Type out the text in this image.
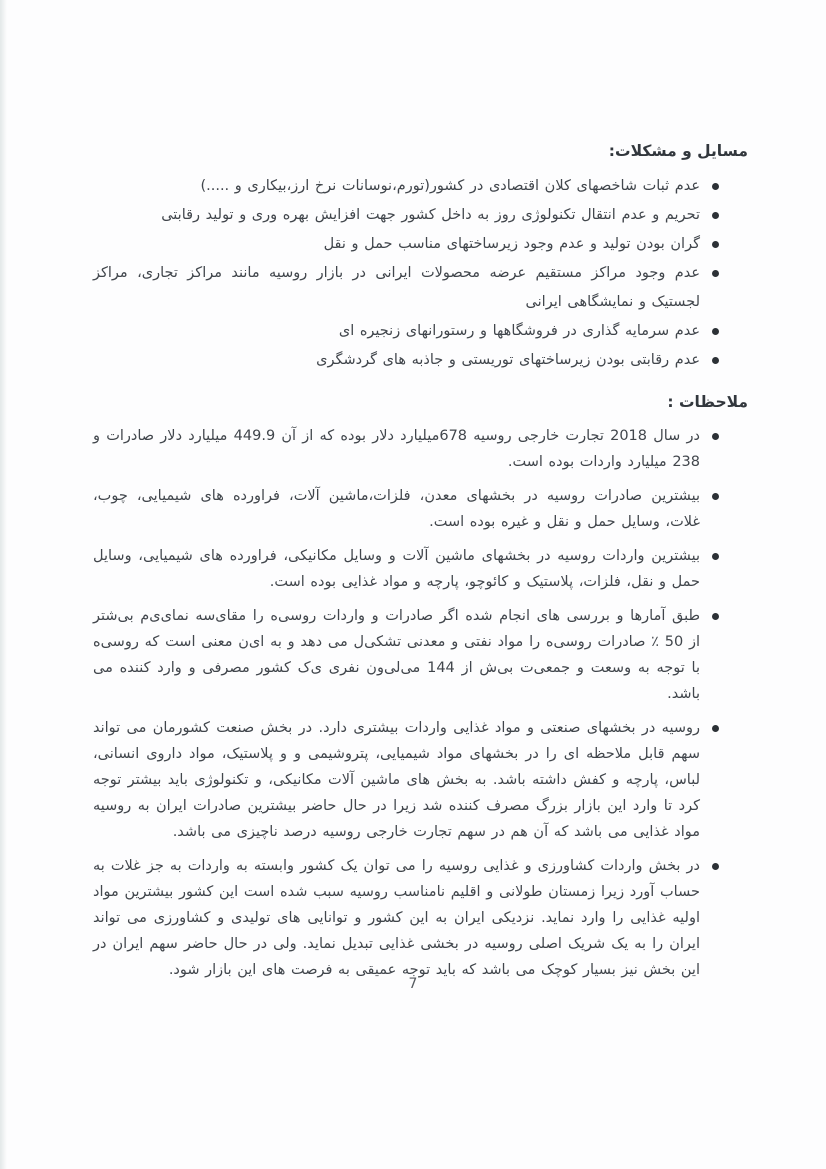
مسایل و مشکلات:
عدم ثبات شاخصهای کلان اقتصادی در کشور(تورم،نوسانات نرخ ارز،بیکاری و .....)
تحریم و عدم انتقال تکنولوژی روز به داخل کشور جهت افزایش بهره وری و تولید رقابتی
گران بودن تولید و عدم وجود زیرساختهای مناسب حمل و نقل
عدم وجود مراکز مستقیم عرضه محصولات ایرانی در بازار روسیه مانند مراکز تجاری، مراکز لجستیک و نمایشگاهی ایرانی
عدم سرمایه گذاری در فروشگاهها و رستورانهای زنجیره ای
عدم رقابتی بودن زیرساختهای توریستی و جاذبه های گردشگری
ملاحظات :
در سال 2018 تجارت خارجی روسیه 678میلیارد دلار بوده که از آن 449.9 میلیارد دلار صادرات و 238 میلیارد واردات بوده است.
بیشترین صادرات روسیه در بخشهای معدن، فلزات،ماشین آلات، فراورده های شیمیایی، چوب، غلات، وسایل حمل و نقل و غیره بوده است.
بیشترین واردات روسیه در بخشهای ماشین آلات و وسایل مکانیکی، فراورده های شیمیایی، وسایل حمل و نقل، فلزات، پلاستیک و کائوچو، پارچه و مواد غذایی بوده است.
طبق آمارها و بررسی های انجام شده اگر صادرات و واردات روسی‌ه را مقای‌سه نمای‌ی‌م بی‌شتر از 50 ٪ صادرات روسی‌ه را مواد نفتی و معدنی تشکی‌ل می دهد و به ای‌ن معنی است که روسی‌ه با توجه به وسعت و جمعی‌ت بی‌ش از 144 می‌لی‌ون نفری ی‌ک کشور مصرفی و وارد کننده می باشد.
روسیه در بخشهای صنعتی و مواد غذایی واردات بیشتری دارد. در بخش صنعت کشورمان می تواند سهم قابل ملاحظه ای را در بخشهای مواد شیمیایی، پتروشیمی و و پلاستیک، مواد داروی انسانی، لباس، پارچه و کفش داشته باشد. به بخش های ماشین آلات مکانیکی، و تکنولوژی باید بیشتر توجه کرد تا وارد این بازار بزرگ مصرف کننده شد زیرا در حال حاضر بیشترین صادرات ایران به روسیه مواد غذایی می باشد که آن هم در سهم تجارت خارجی روسیه درصد ناچیزی می باشد.
در بخش واردات کشاورزی و غذایی روسیه را می توان یک کشور وابسته به واردات به جز غلات به حساب آورد زیرا زمستان طولانی و اقلیم نامناسب روسیه سبب شده است این کشور بیشترین مواد اولیه غذایی را وارد نماید. نزدیکی ایران به این کشور و توانایی های تولیدی و کشاورزی می تواند ایران را به یک شریک اصلی روسیه در بخشی غذایی تبدیل نماید. ولی در حال حاضر سهم ایران در این بخش نیز بسیار کوچک می باشد که باید توجه عمیقی به فرصت های این بازار شود.
7
